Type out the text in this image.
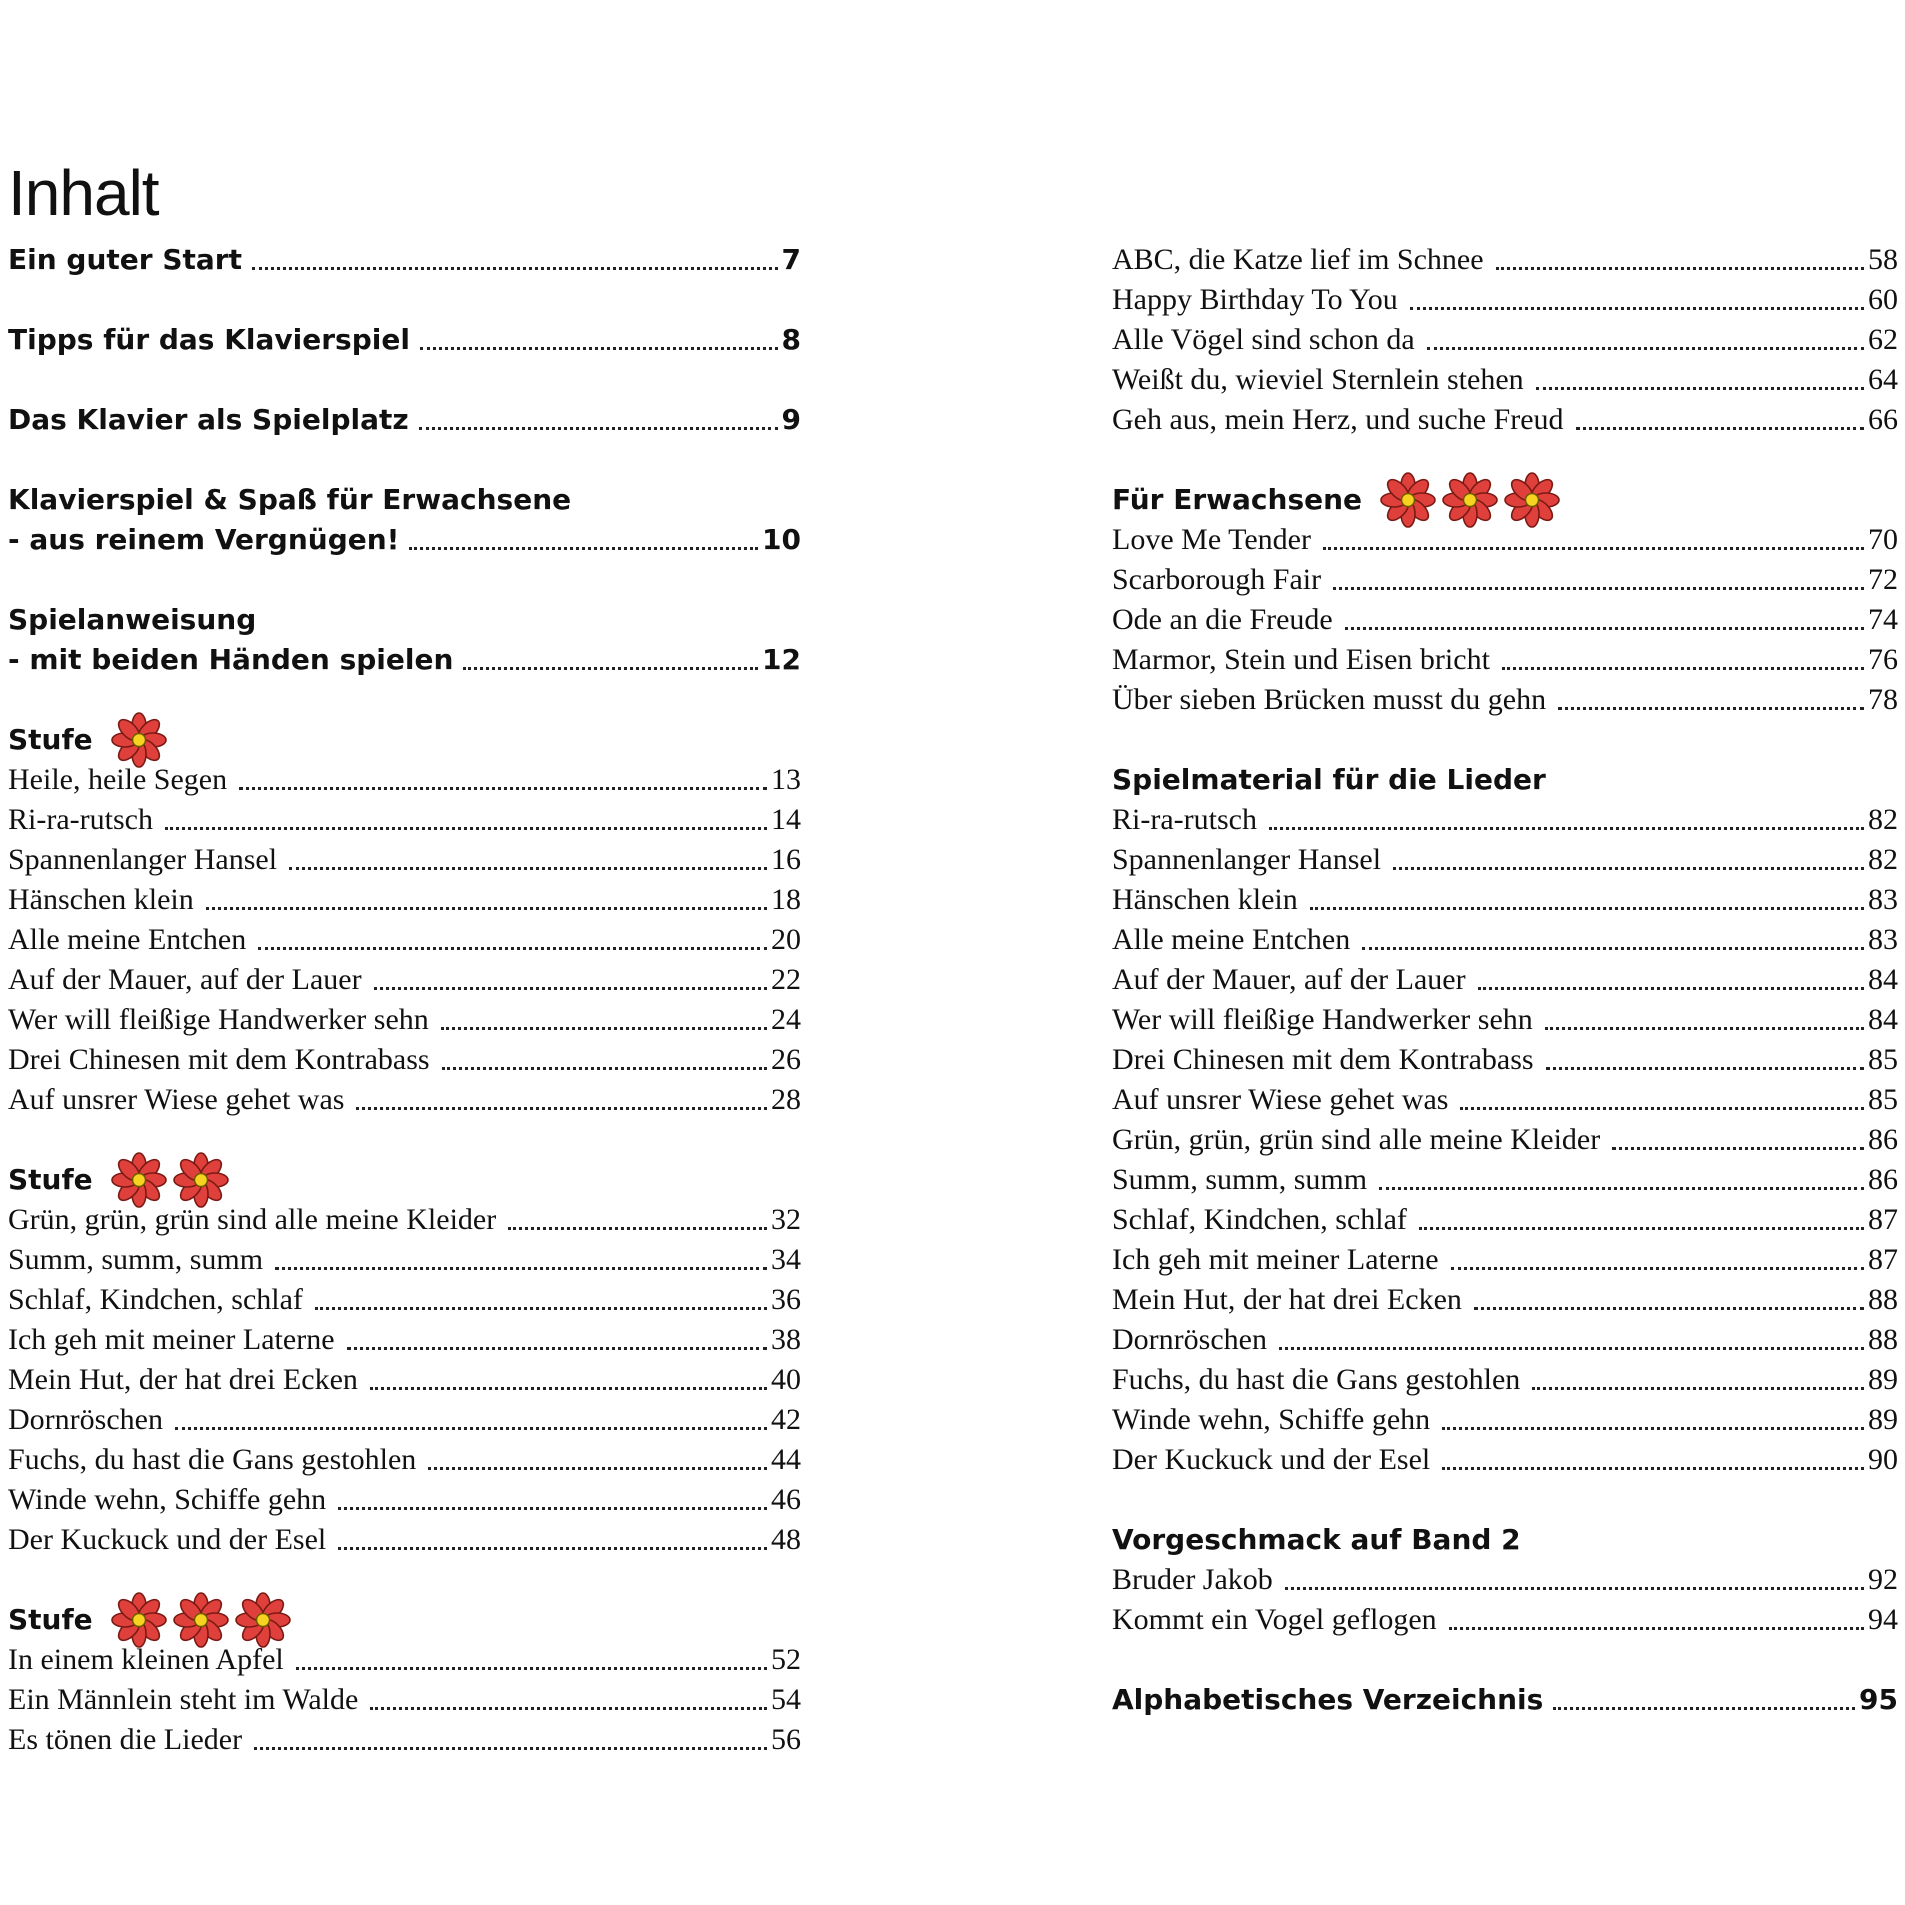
Inhalt
Ein guter Start	7
Tipps für das Klavierspiel	8
Das Klavier als Spielplatz	9
Klavierspiel & Spaß für Erwachsene
- aus reinem Vergnügen!	10
Spielanweisung
- mit beiden Händen spielen	12
Stufe
Heile, heile Segen	13
Ri-ra-rutsch	14
Spannenlanger Hansel	16
Hänschen klein	18
Alle meine Entchen	20
Auf der Mauer, auf der Lauer	22
Wer will fleißige Handwerker sehn	24
Drei Chinesen mit dem Kontrabass	26
Auf unsrer Wiese gehet was	28
Stufe
Grün, grün, grün sind alle meine Kleider	32
Summ, summ, summ	34
Schlaf, Kindchen, schlaf	36
Ich geh mit meiner Laterne	38
Mein Hut, der hat drei Ecken	40
Dornröschen	42
Fuchs, du hast die Gans gestohlen	44
Winde wehn, Schiffe gehn	46
Der Kuckuck und der Esel	48
Stufe
In einem kleinen Apfel	52
Ein Männlein steht im Walde	54
Es tönen die Lieder	56
ABC, die Katze lief im Schnee	58
Happy Birthday To You	60
Alle Vögel sind schon da	62
Weißt du, wieviel Sternlein stehen	64
Geh aus, mein Herz, und suche Freud	66
Für Erwachsene
Love Me Tender	70
Scarborough Fair	72
Ode an die Freude	74
Marmor, Stein und Eisen bricht	76
Über sieben Brücken musst du gehn	78
Spielmaterial für die Lieder
Ri-ra-rutsch	82
Spannenlanger Hansel	82
Hänschen klein	83
Alle meine Entchen	83
Auf der Mauer, auf der Lauer	84
Wer will fleißige Handwerker sehn	84
Drei Chinesen mit dem Kontrabass	85
Auf unsrer Wiese gehet was	85
Grün, grün, grün sind alle meine Kleider	86
Summ, summ, summ	86
Schlaf, Kindchen, schlaf	87
Ich geh mit meiner Laterne	87
Mein Hut, der hat drei Ecken	88
Dornröschen	88
Fuchs, du hast die Gans gestohlen	89
Winde wehn, Schiffe gehn	89
Der Kuckuck und der Esel	90
Vorgeschmack auf Band 2
Bruder Jakob	92
Kommt ein Vogel geflogen	94
Alphabetisches Verzeichnis	95
